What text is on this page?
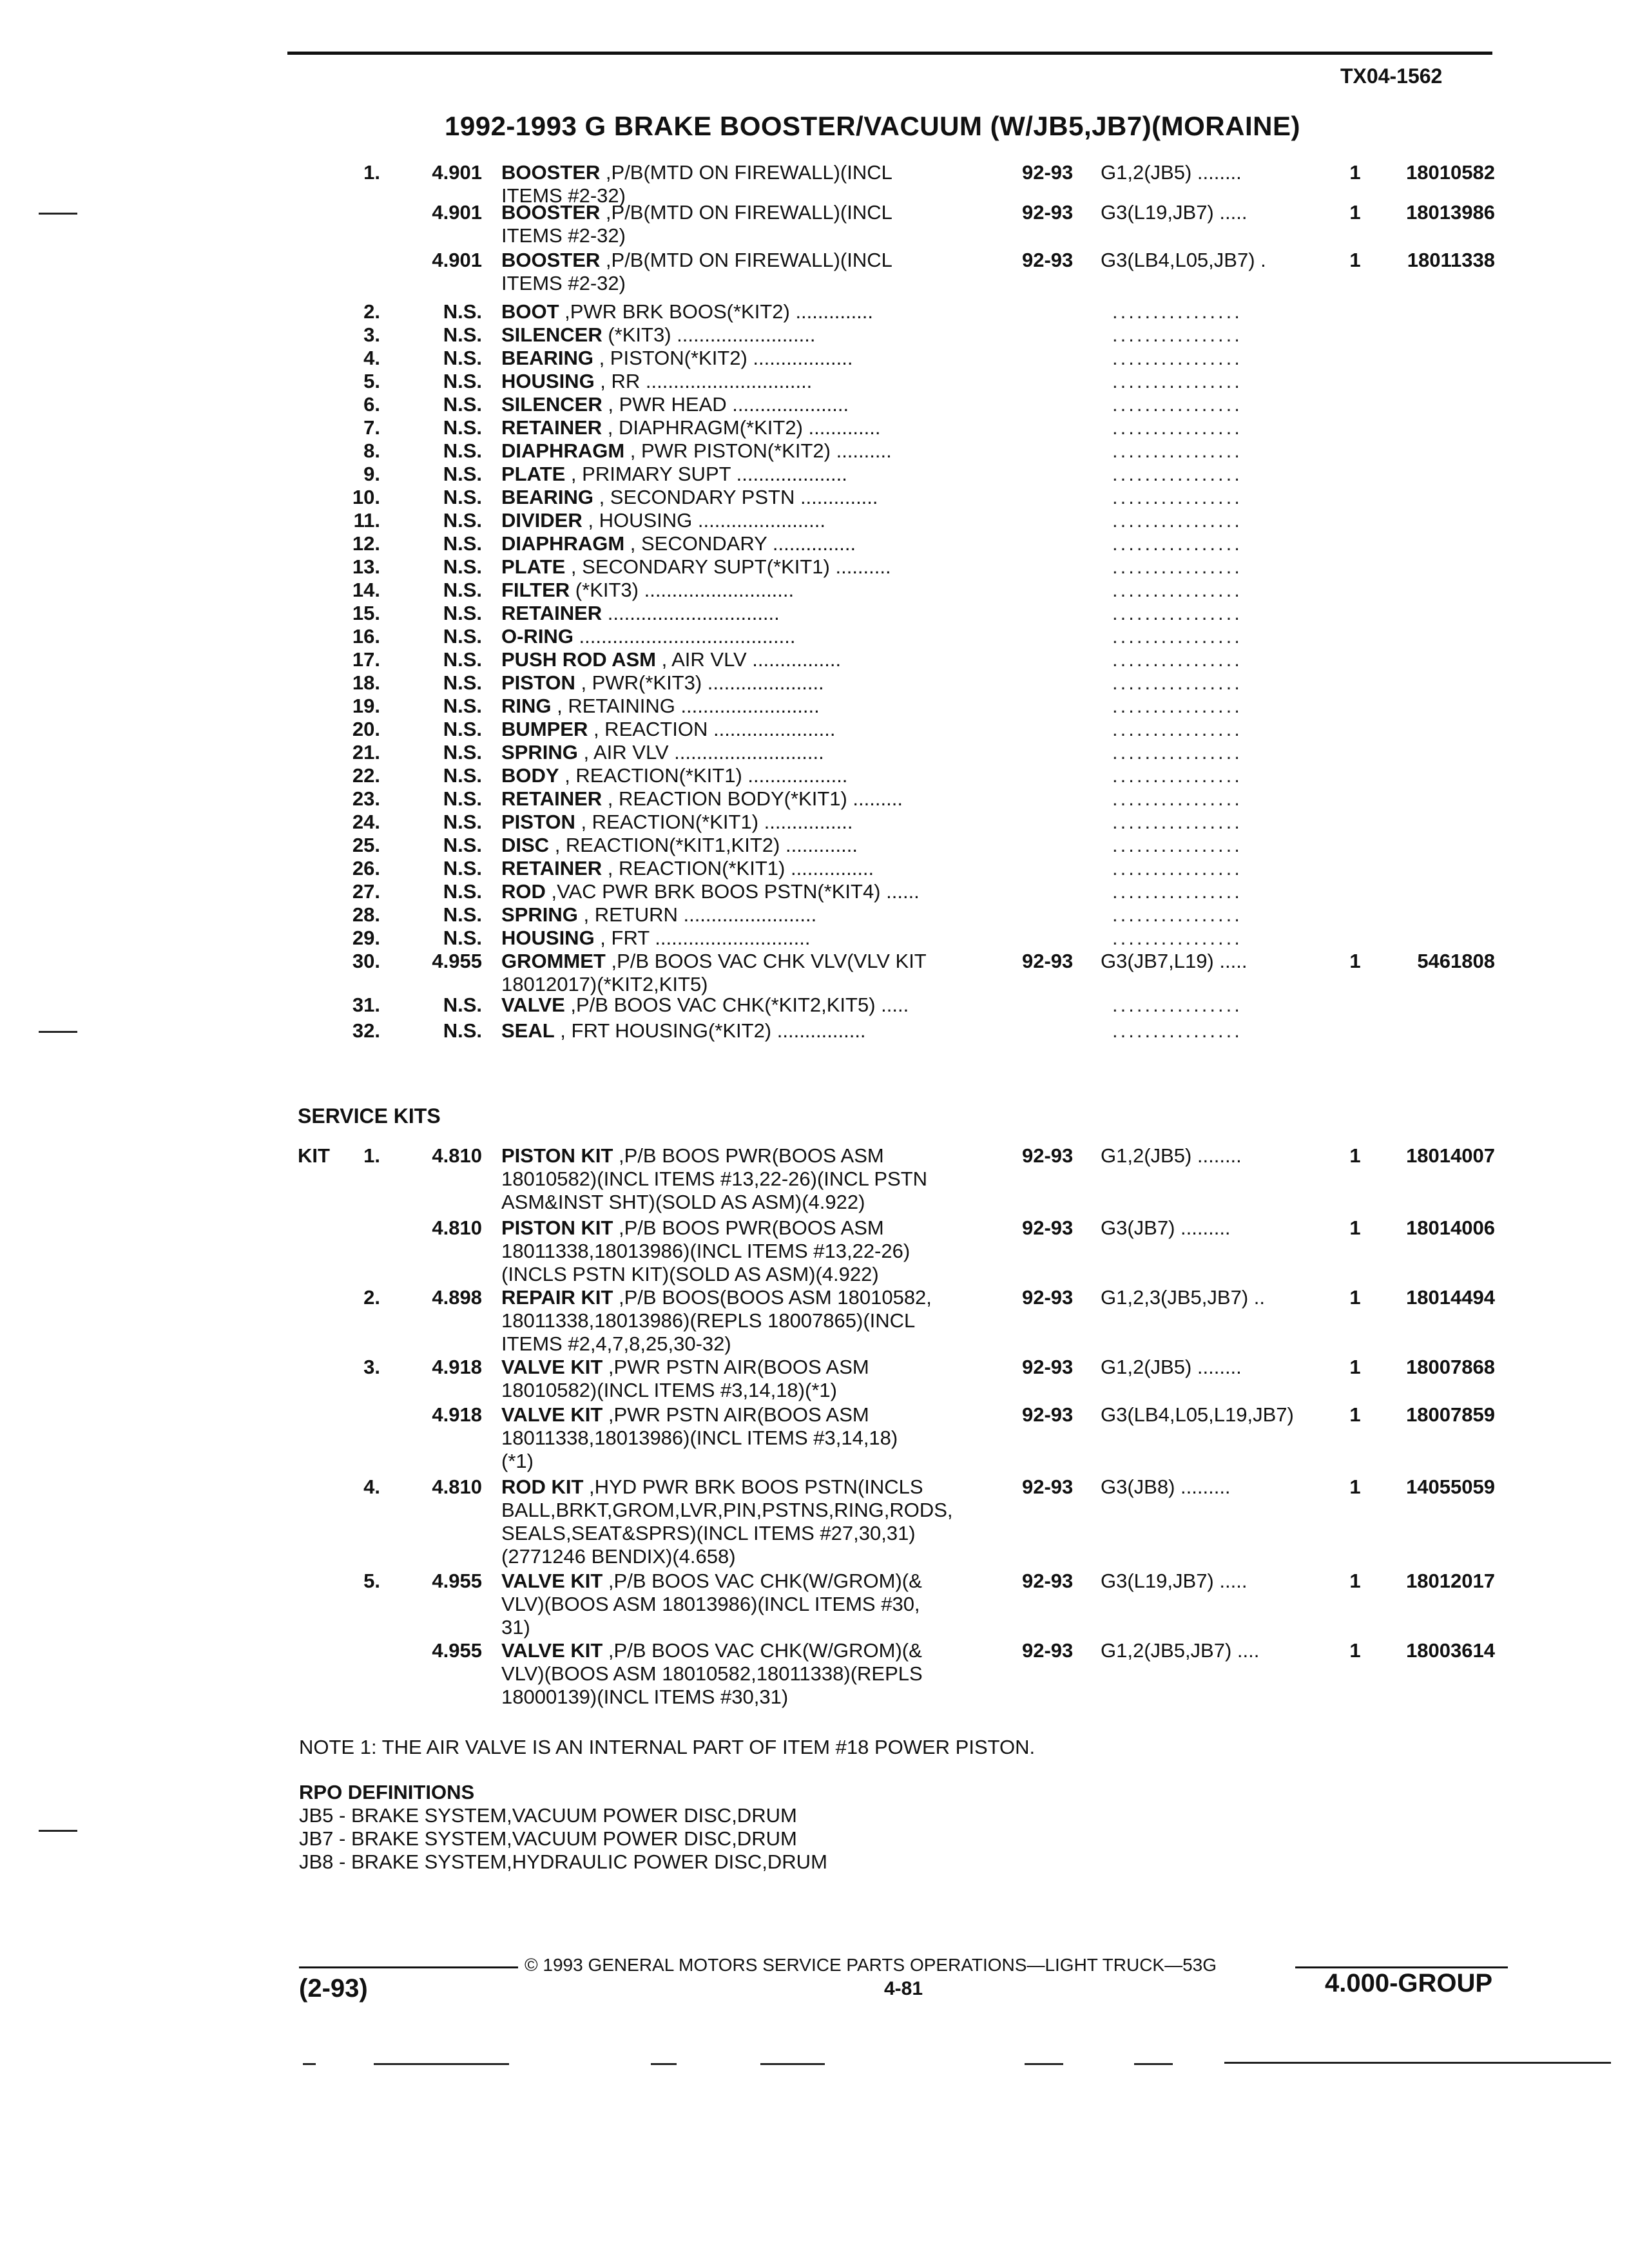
TX04-1562
1992-1993 G BRAKE BOOSTER/VACUUM (W/JB5,JB7)(MORAINE)
1.	4.901 BOOSTER ,P/B(MTD ON FIREWALL)(INCL
ITEMS #2-32)
92-93 G1,2(JB5) ........	1	18010582
4.901 BOOSTER ,P/B(MTD ON FIREWALL)(INCL
ITEMS #2-32)
92-93 G3(L19,JB7) .....	1	18013986
4.901 BOOSTER ,P/B(MTD ON FIREWALL)(INCL
ITEMS #2-32)
92-93 G3(LB4,L05,JB7) .	1	18011338
2.	N.S. BOOT ,PWR BRK BOOS(*KIT2) ..............	................
3.	N.S. SILENCER (*KIT3) .........................	................
4.	N.S. BEARING , PISTON(*KIT2) ..................	................
5.	N.S. HOUSING , RR ..............................	................
6.	N.S. SILENCER , PWR HEAD .....................	................
7.	N.S. RETAINER , DIAPHRAGM(*KIT2) .............	................
8.	N.S. DIAPHRAGM , PWR PISTON(*KIT2) ..........	................
9.	N.S. PLATE , PRIMARY SUPT ....................	................
10.	N.S. BEARING , SECONDARY PSTN ..............	................
11.	N.S. DIVIDER , HOUSING .......................	................
12.	N.S. DIAPHRAGM , SECONDARY ...............	................
13.	N.S. PLATE , SECONDARY SUPT(*KIT1) ..........	................
14.	N.S. FILTER (*KIT3) ...........................	................
15.	N.S. RETAINER ...............................	................
16.	N.S. O-RING .......................................	................
17.	N.S. PUSH ROD ASM , AIR VLV ................	................
18.	N.S. PISTON , PWR(*KIT3) .....................	................
19.	N.S. RING , RETAINING .........................	................
20.	N.S. BUMPER , REACTION ......................	................
21.	N.S. SPRING , AIR VLV ...........................	................
22.	N.S. BODY , REACTION(*KIT1) ..................	................
23.	N.S. RETAINER , REACTION BODY(*KIT1) .........	................
24.	N.S. PISTON , REACTION(*KIT1) ................	................
25.	N.S. DISC , REACTION(*KIT1,KIT2) .............	................
26.	N.S. RETAINER , REACTION(*KIT1) ...............	................
27.	N.S. ROD ,VAC PWR BRK BOOS PSTN(*KIT4) ......	................
28.	N.S. SPRING , RETURN ........................	................
29.	N.S. HOUSING , FRT ............................	................
30.	4.955 GROMMET ,P/B BOOS VAC CHK VLV(VLV KIT
18012017)(*KIT2,KIT5)
92-93 G3(JB7,L19) .....	1	5461808
31.	N.S. VALVE ,P/B BOOS VAC CHK(*KIT2,KIT5) .....	................
32.	N.S. SEAL , FRT HOUSING(*KIT2) ................	................
SERVICE KITS
KIT	1.	4.810 PISTON KIT ,P/B BOOS PWR(BOOS ASM
18010582)(INCL ITEMS #13,22-26)(INCL PSTN
ASM&INST SHT)(SOLD AS ASM)(4.922)
92-93 G1,2(JB5) ........	1	18014007
4.810 PISTON KIT ,P/B BOOS PWR(BOOS ASM
18011338,18013986)(INCL ITEMS #13,22-26)
(INCLS PSTN KIT)(SOLD AS ASM)(4.922)
92-93 G3(JB7) .........	1	18014006
2.	4.898 REPAIR KIT ,P/B BOOS(BOOS ASM 18010582,
18011338,18013986)(REPLS 18007865)(INCL
ITEMS #2,4,7,8,25,30-32)
92-93 G1,2,3(JB5,JB7) ..	1	18014494
3.	4.918 VALVE KIT ,PWR PSTN AIR(BOOS ASM
18010582)(INCL ITEMS #3,14,18)(*1)
92-93 G1,2(JB5) ........	1	18007868
4.918 VALVE KIT ,PWR PSTN AIR(BOOS ASM
18011338,18013986)(INCL ITEMS #3,14,18)
(*1)
92-93 G3(LB4,L05,L19,JB7)	1	18007859
4.	4.810 ROD KIT ,HYD PWR BRK BOOS PSTN(INCLS
BALL,BRKT,GROM,LVR,PIN,PSTNS,RING,RODS,
SEALS,SEAT&SPRS)(INCL ITEMS #27,30,31)
(2771246 BENDIX)(4.658)
92-93 G3(JB8) .........	1	14055059
5.	4.955 VALVE KIT ,P/B BOOS VAC CHK(W/GROM)(&
VLV)(BOOS ASM 18013986)(INCL ITEMS #30,
31)
92-93 G3(L19,JB7) .....	1	18012017
4.955 VALVE KIT ,P/B BOOS VAC CHK(W/GROM)(&
VLV)(BOOS ASM 18010582,18011338)(REPLS
18000139)(INCL ITEMS #30,31)
92-93 G1,2(JB5,JB7) ....	1	18003614
NOTE 1: THE AIR VALVE IS AN INTERNAL PART OF ITEM #18 POWER PISTON.
RPO DEFINITIONS
JB5 - BRAKE SYSTEM,VACUUM POWER DISC,DRUM
JB7 - BRAKE SYSTEM,VACUUM POWER DISC,DRUM
JB8 - BRAKE SYSTEM,HYDRAULIC POWER DISC,DRUM
© 1993 GENERAL MOTORS SERVICE PARTS OPERATIONS—LIGHT TRUCK—53G
(2-93)	4-81	4.000-GROUP
